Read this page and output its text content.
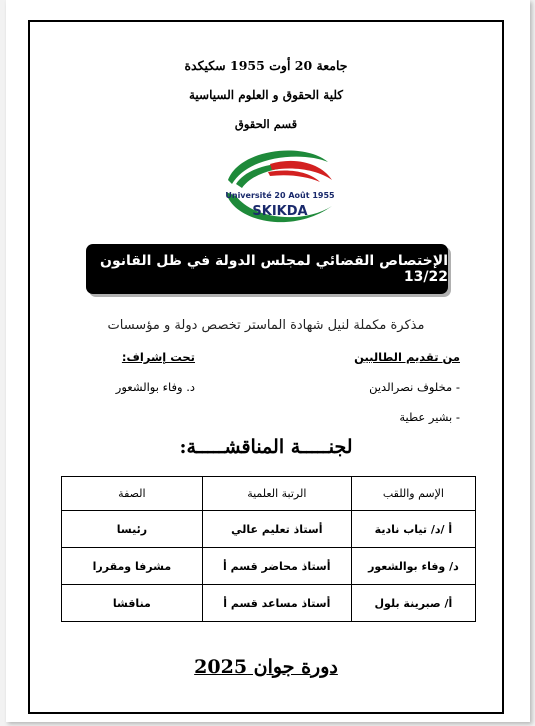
جامعة 20 أوت 1955 سكيكدة
كلية الحقوق و العلوم السياسية
قسم الحقوق
Université 20 Août 1955
SKIKDA
الإختصاص القضائي لمجلس الدولة في ظل القانون 13/22
مذكرة مكملة لنيل شهادة الماستر تخصص دولة و مؤسسات
من تقديم الطالبين
- مخلوف نصرالدين
- بشير عطية
تحت إشراف:
د. وفاء بوالشعور
لجنـــــة المناقشـــــة:
الإسم واللقب	الرتبة العلمية	الصفة
أ /د/ تياب نادية	أستاذ تعليم عالي	رئيسا
د/ وفاء بوالشعور	أستاذ محاضر قسم أ	مشرفا ومقررا
أ/ صبرينة بلول	أستاذ مساعد قسم أ	مناقشا
دورة جوان 2025
